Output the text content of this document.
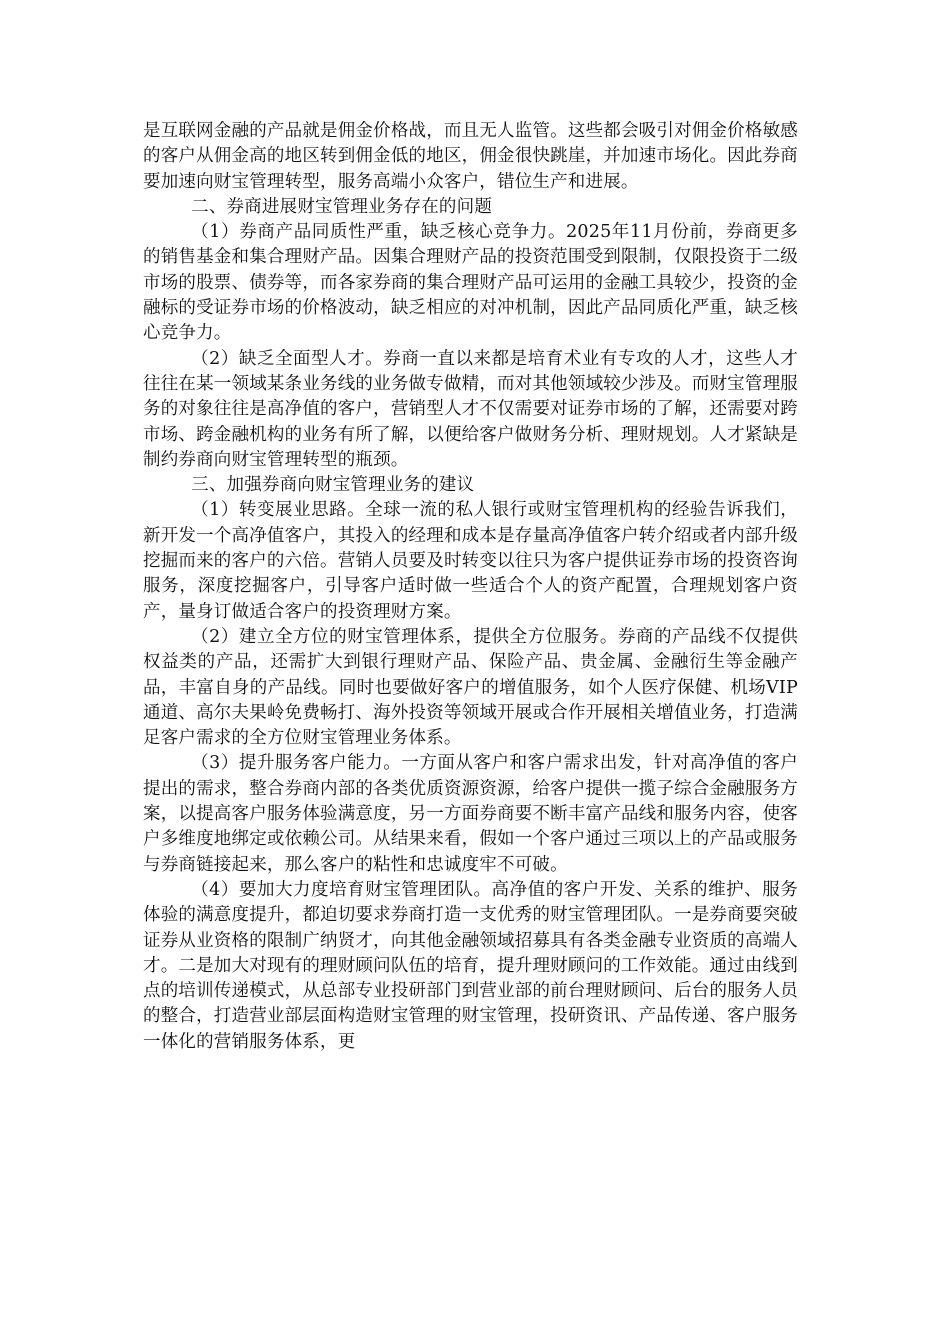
是互联网金融的产品就是佣金价格战，而且无人监管。这些都会吸引对佣金价格敏感的客户从佣金高的地区转到佣金低的地区，佣金很快跳崖，并加速市场化。因此券商要加速向财宝管理转型，服务高端小众客户，错位生产和进展。

二、券商进展财宝管理业务存在的问题

（1）券商产品同质性严重，缺乏核心竞争力。2025年11月份前，券商更多的销售基金和集合理财产品。因集合理财产品的投资范围受到限制，仅限投资于二级市场的股票、债券等，而各家券商的集合理财产品可运用的金融工具较少，投资的金融标的受证券市场的价格波动，缺乏相应的对冲机制，因此产品同质化严重，缺乏核心竞争力。

（2）缺乏全面型人才。券商一直以来都是培育术业有专攻的人才，这些人才往往在某一领域某条业务线的业务做专做精，而对其他领域较少涉及。而财宝管理服务的对象往往是高净值的客户，营销型人才不仅需要对证券市场的了解，还需要对跨市场、跨金融机构的业务有所了解，以便给客户做财务分析、理财规划。人才紧缺是制约券商向财宝管理转型的瓶颈。

三、加强券商向财宝管理业务的建议

（1）转变展业思路。全球一流的私人银行或财宝管理机构的经验告诉我们，新开发一个高净值客户，其投入的经理和成本是存量高净值客户转介绍或者内部升级挖掘而来的客户的六倍。营销人员要及时转变以往只为客户提供证券市场的投资咨询服务，深度挖掘客户，引导客户适时做一些适合个人的资产配置，合理规划客户资产，量身订做适合客户的投资理财方案。

（2）建立全方位的财宝管理体系，提供全方位服务。券商的产品线不仅提供权益类的产品，还需扩大到银行理财产品、保险产品、贵金属、金融衍生等金融产品，丰富自身的产品线。同时也要做好客户的增值服务，如个人医疗保健、机场VIP通道、高尔夫果岭免费畅打、海外投资等领域开展或合作开展相关增值业务，打造满足客户需求的全方位财宝管理业务体系。

（3）提升服务客户能力。一方面从客户和客户需求出发，针对高净值的客户提出的需求，整合券商内部的各类优质资源资源，给客户提供一揽子综合金融服务方案，以提高客户服务体验满意度，另一方面券商要不断丰富产品线和服务内容，使客户多维度地绑定或依赖公司。从结果来看，假如一个客户通过三项以上的产品或服务与券商链接起来，那么客户的粘性和忠诚度牢不可破。

（4）要加大力度培育财宝管理团队。高净值的客户开发、关系的维护、服务体验的满意度提升，都迫切要求券商打造一支优秀的财宝管理团队。一是券商要突破证券从业资格的限制广纳贤才，向其他金融领域招募具有各类金融专业资质的高端人才。二是加大对现有的理财顾问队伍的培育，提升理财顾问的工作效能。通过由线到点的培训传递模式，从总部专业投研部门到营业部的前台理财顾问、后台的服务人员的整合，打造营业部层面构造财宝管理的财宝管理，投研资讯、产品传递、客户服务一体化的营销服务体系，更
